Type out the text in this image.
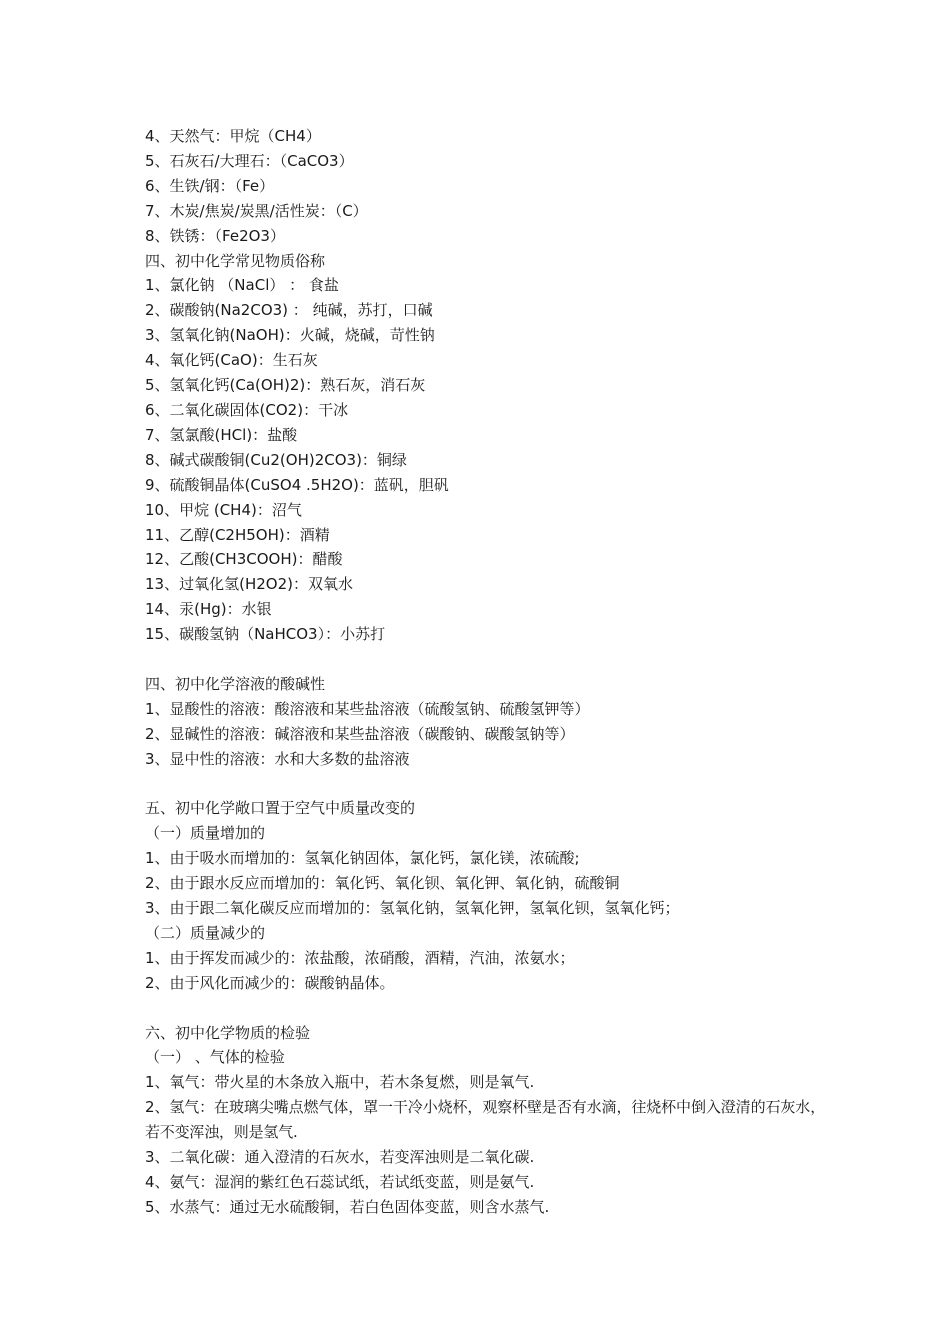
4、天然气：甲烷（CH4）
5、石灰石/大理石：（CaCO3）
6、生铁/钢：（Fe）
7、木炭/焦炭/炭黑/活性炭：（C）
8、铁锈：（Fe2O3）
四、初中化学常见物质俗称
1、氯化钠 （NaCl） ： 食盐
2、碳酸钠(Na2CO3) ： 纯碱，苏打，口碱
3、氢氧化钠(NaOH)：火碱，烧碱，苛性钠
4、氧化钙(CaO)：生石灰
5、氢氧化钙(Ca(OH)2)：熟石灰，消石灰
6、二氧化碳固体(CO2)：干冰
7、氢氯酸(HCl)：盐酸
8、碱式碳酸铜(Cu2(OH)2CO3)：铜绿
9、硫酸铜晶体(CuSO4 .5H2O)：蓝矾，胆矾
10、甲烷 (CH4)：沼气
11、乙醇(C2H5OH)：酒精
12、乙酸(CH3COOH)：醋酸
13、过氧化氢(H2O2)：双氧水
14、汞(Hg)：水银
15、碳酸氢钠（NaHCO3）：小苏打
四、初中化学溶液的酸碱性
1、显酸性的溶液：酸溶液和某些盐溶液（硫酸氢钠、硫酸氢钾等）
2、显碱性的溶液：碱溶液和某些盐溶液（碳酸钠、碳酸氢钠等）
3、显中性的溶液：水和大多数的盐溶液
五、初中化学敞口置于空气中质量改变的
（一）质量增加的
1、由于吸水而增加的：氢氧化钠固体，氯化钙，氯化镁，浓硫酸;
2、由于跟水反应而增加的：氧化钙、氧化钡、氧化钾、氧化钠，硫酸铜
3、由于跟二氧化碳反应而增加的：氢氧化钠，氢氧化钾，氢氧化钡，氢氧化钙；
（二）质量减少的
1、由于挥发而减少的：浓盐酸，浓硝酸，酒精，汽油，浓氨水；
2、由于风化而减少的：碳酸钠晶体。
六、初中化学物质的检验
（一） 、气体的检验
1、氧气：带火星的木条放入瓶中，若木条复燃，则是氧气.
2、氢气：在玻璃尖嘴点燃气体，罩一干冷小烧杯，观察杯壁是否有水滴，往烧杯中倒入澄清的石灰水，若不变浑浊，则是氢气.
3、二氧化碳：通入澄清的石灰水，若变浑浊则是二氧化碳.
4、氨气：湿润的紫红色石蕊试纸，若试纸变蓝，则是氨气.
5、水蒸气：通过无水硫酸铜，若白色固体变蓝，则含水蒸气.
